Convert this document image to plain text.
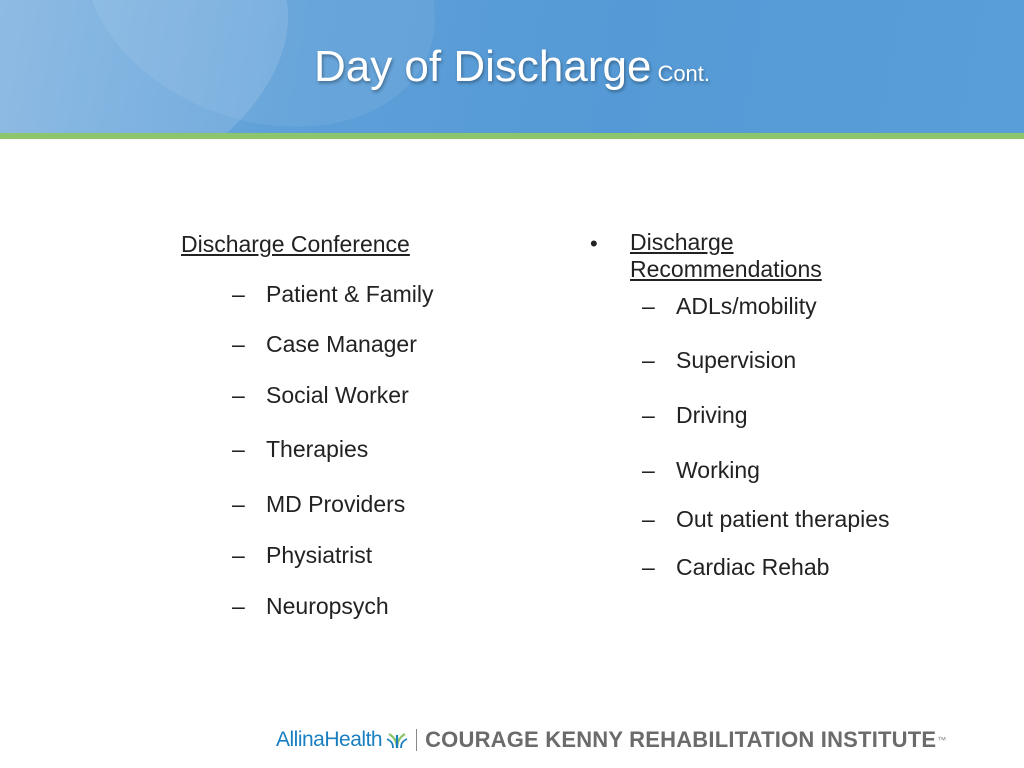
Day of Discharge Cont.
Discharge Conference
– Patient & Family
– Case Manager
– Social Worker
– Therapies
– MD Providers
– Physiatrist
– Neuropsych
• Discharge
Recommendations
– ADLs/mobility
– Supervision
– Driving
– Working
– Out patient therapies
– Cardiac Rehab
AllinaHealth COURAGE KENNY REHABILITATION INSTITUTE ™
